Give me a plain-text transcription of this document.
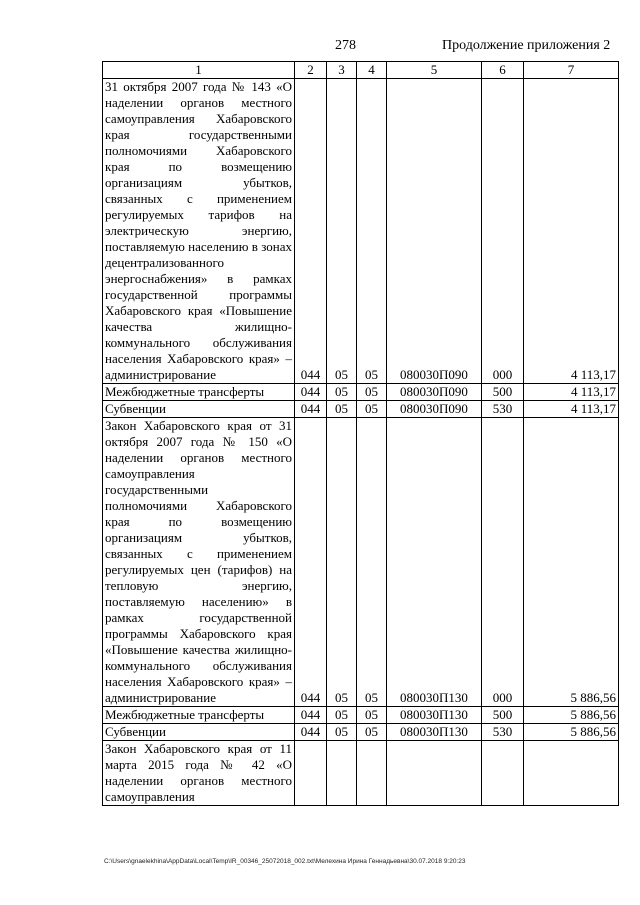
278	Продолжение приложения 2
1	2	3	4	5	6	7
31 октября 2007 года № 143 «О наделении органов местного самоуправления Хабаровского края государственными полномочиями Хабаровского края по возмещению организациям убытков, связанных с применением регулируемых тарифов на электрическую энергию, поставляемую населению в зонах децентрализованного энергоснабжения» в рамках государственной программы Хабаровского края «Повышение качества жилищно-коммунального обслуживания населения Хабаровского края» – администрирование	044	05	05	080030П090	000	4 113,17
Межбюджетные трансферты	044	05	05	080030П090	500	4 113,17
Субвенции	044	05	05	080030П090	530	4 113,17
Закон Хабаровского края от 31 октября 2007 года № 150 «О наделении органов местного самоуправления государственными полномочиями Хабаровского края по возмещению организациям убытков, связанных с применением регулируемых цен (тарифов) на тепловую энергию, поставляемую населению» в рамках государственной программы Хабаровского края «Повышение качества жилищно-коммунального обслуживания населения Хабаровского края» – администрирование	044	05	05	080030П130	000	5 886,56
Межбюджетные трансферты	044	05	05	080030П130	500	5 886,56
Субвенции	044	05	05	080030П130	530	5 886,56
Закон Хабаровского края от 11 марта 2015 года № 42 «О наделении органов местного самоуправления						
C:\Users\gnaelekhina\AppData\Local\Temp\IR_00346_25072018_002.txt\Мелехина Ирина Геннадьевна\30.07.2018 9:20:23
